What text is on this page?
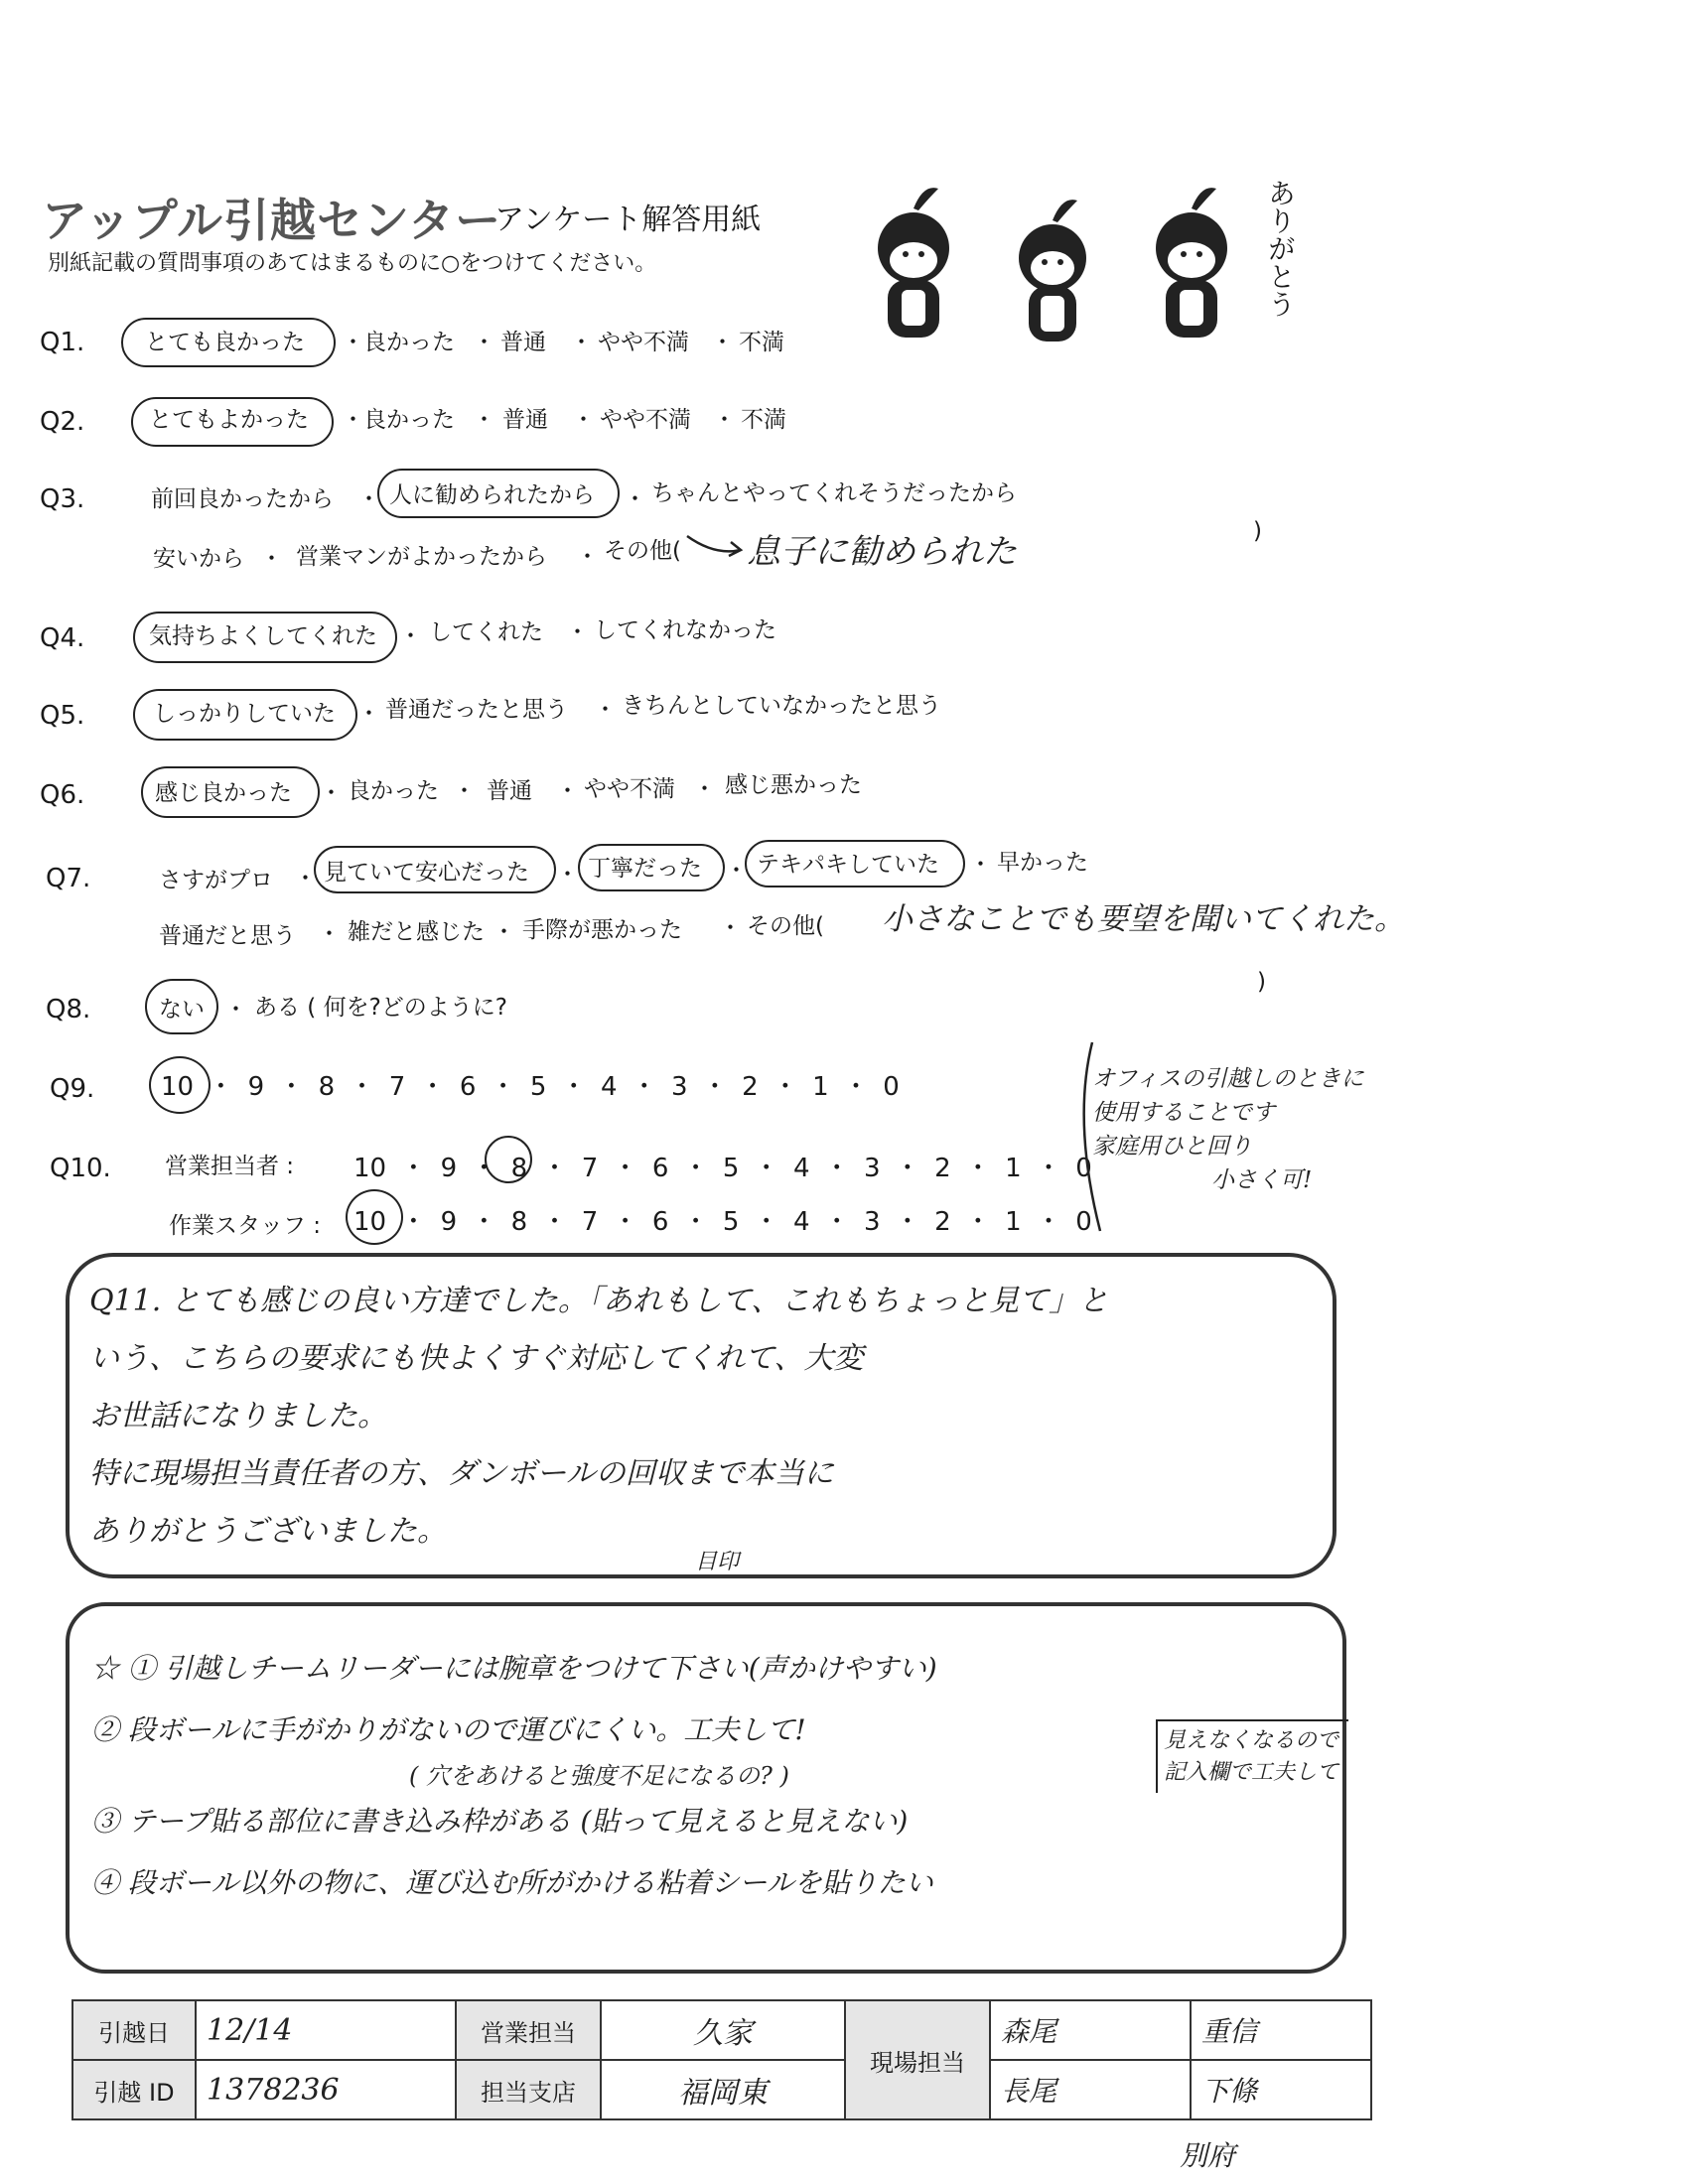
アップル引越センター
アンケート解答用紙
別紙記載の質問事項のあてはまるものに○をつけてください。	ありがとう
Q1.	とても良かった ・ 良かった ・ 普通 ・ やや不満 ・ 不満
Q2.	とてもよかった ・ 良かった ・ 普通 ・ やや不満 ・ 不満
Q3.	前回良かったから ・ 人に勧められたから ・ ちゃんとやってくれそうだったから
安いから ・ 営業マンがよかったから ・ その他( 息子に勧められた
)
Q4.	気持ちよくしてくれた ・ してくれた ・ してくれなかった
Q5.	しっかりしていた ・ 普通だったと思う ・ きちんとしていなかったと思う
Q6.	感じ良かった ・ 良かった ・ 普通 ・ やや不満 ・ 感じ悪かった
Q7.	さすがプロ ・ 見ていて安心だった ・ 丁寧だった ・ テキパキしていた ・ 早かった
普通だと思う ・ 雑だと感じた ・ 手際が悪かった ・ その他( 小さなことでも要望を聞いてくれた。
Q8.	ない ・ ある ( 何を?どのように?
)
Q9.	10 ・ 9 ・ 8 ・ 7 ・ 6 ・ 5 ・ 4 ・ 3 ・ 2 ・ 1 ・ 0
Q10. 営業担当者 : 10 ・ 9 ・ 8 ・ 7 ・ 6 ・ 5 ・ 4 ・ 3 ・ 2 ・ 1 ・ 0
作業スタッフ : 10 ・ 9 ・ 8 ・ 7 ・ 6 ・ 5 ・ 4 ・ 3 ・ 2 ・ 1 ・ 0
オフィスの引越しのときに
使用することです
家庭用ひと回り
小さく可!
Q11. とても感じの良い方達でした。「あれもして、これもちょっと見て」と
いう、こちらの要求にも快よくすぐ対応してくれて、大変
お世話になりました。
特に現場担当責任者の方、ダンボールの回収まで本当に
ありがとうございました。
目印
☆ ① 引越しチームリーダーには腕章をつけて下さい(声かけやすい)
② 段ボールに手がかりがないので運びにくい。工夫して!
( 穴をあけると強度不足になるの? )
③ テープ貼る部位に書き込み枠がある (貼って見えると見えない)
④ 段ボール以外の物に、運び込む所がかける粘着シールを貼りたい
見えなくなるので記入欄で工夫して
引越日	12/14	営業担当	久家	現場担当	森尾	重信
引越 ID	1378236	担当支店	福岡東		長尾	下條
別府
